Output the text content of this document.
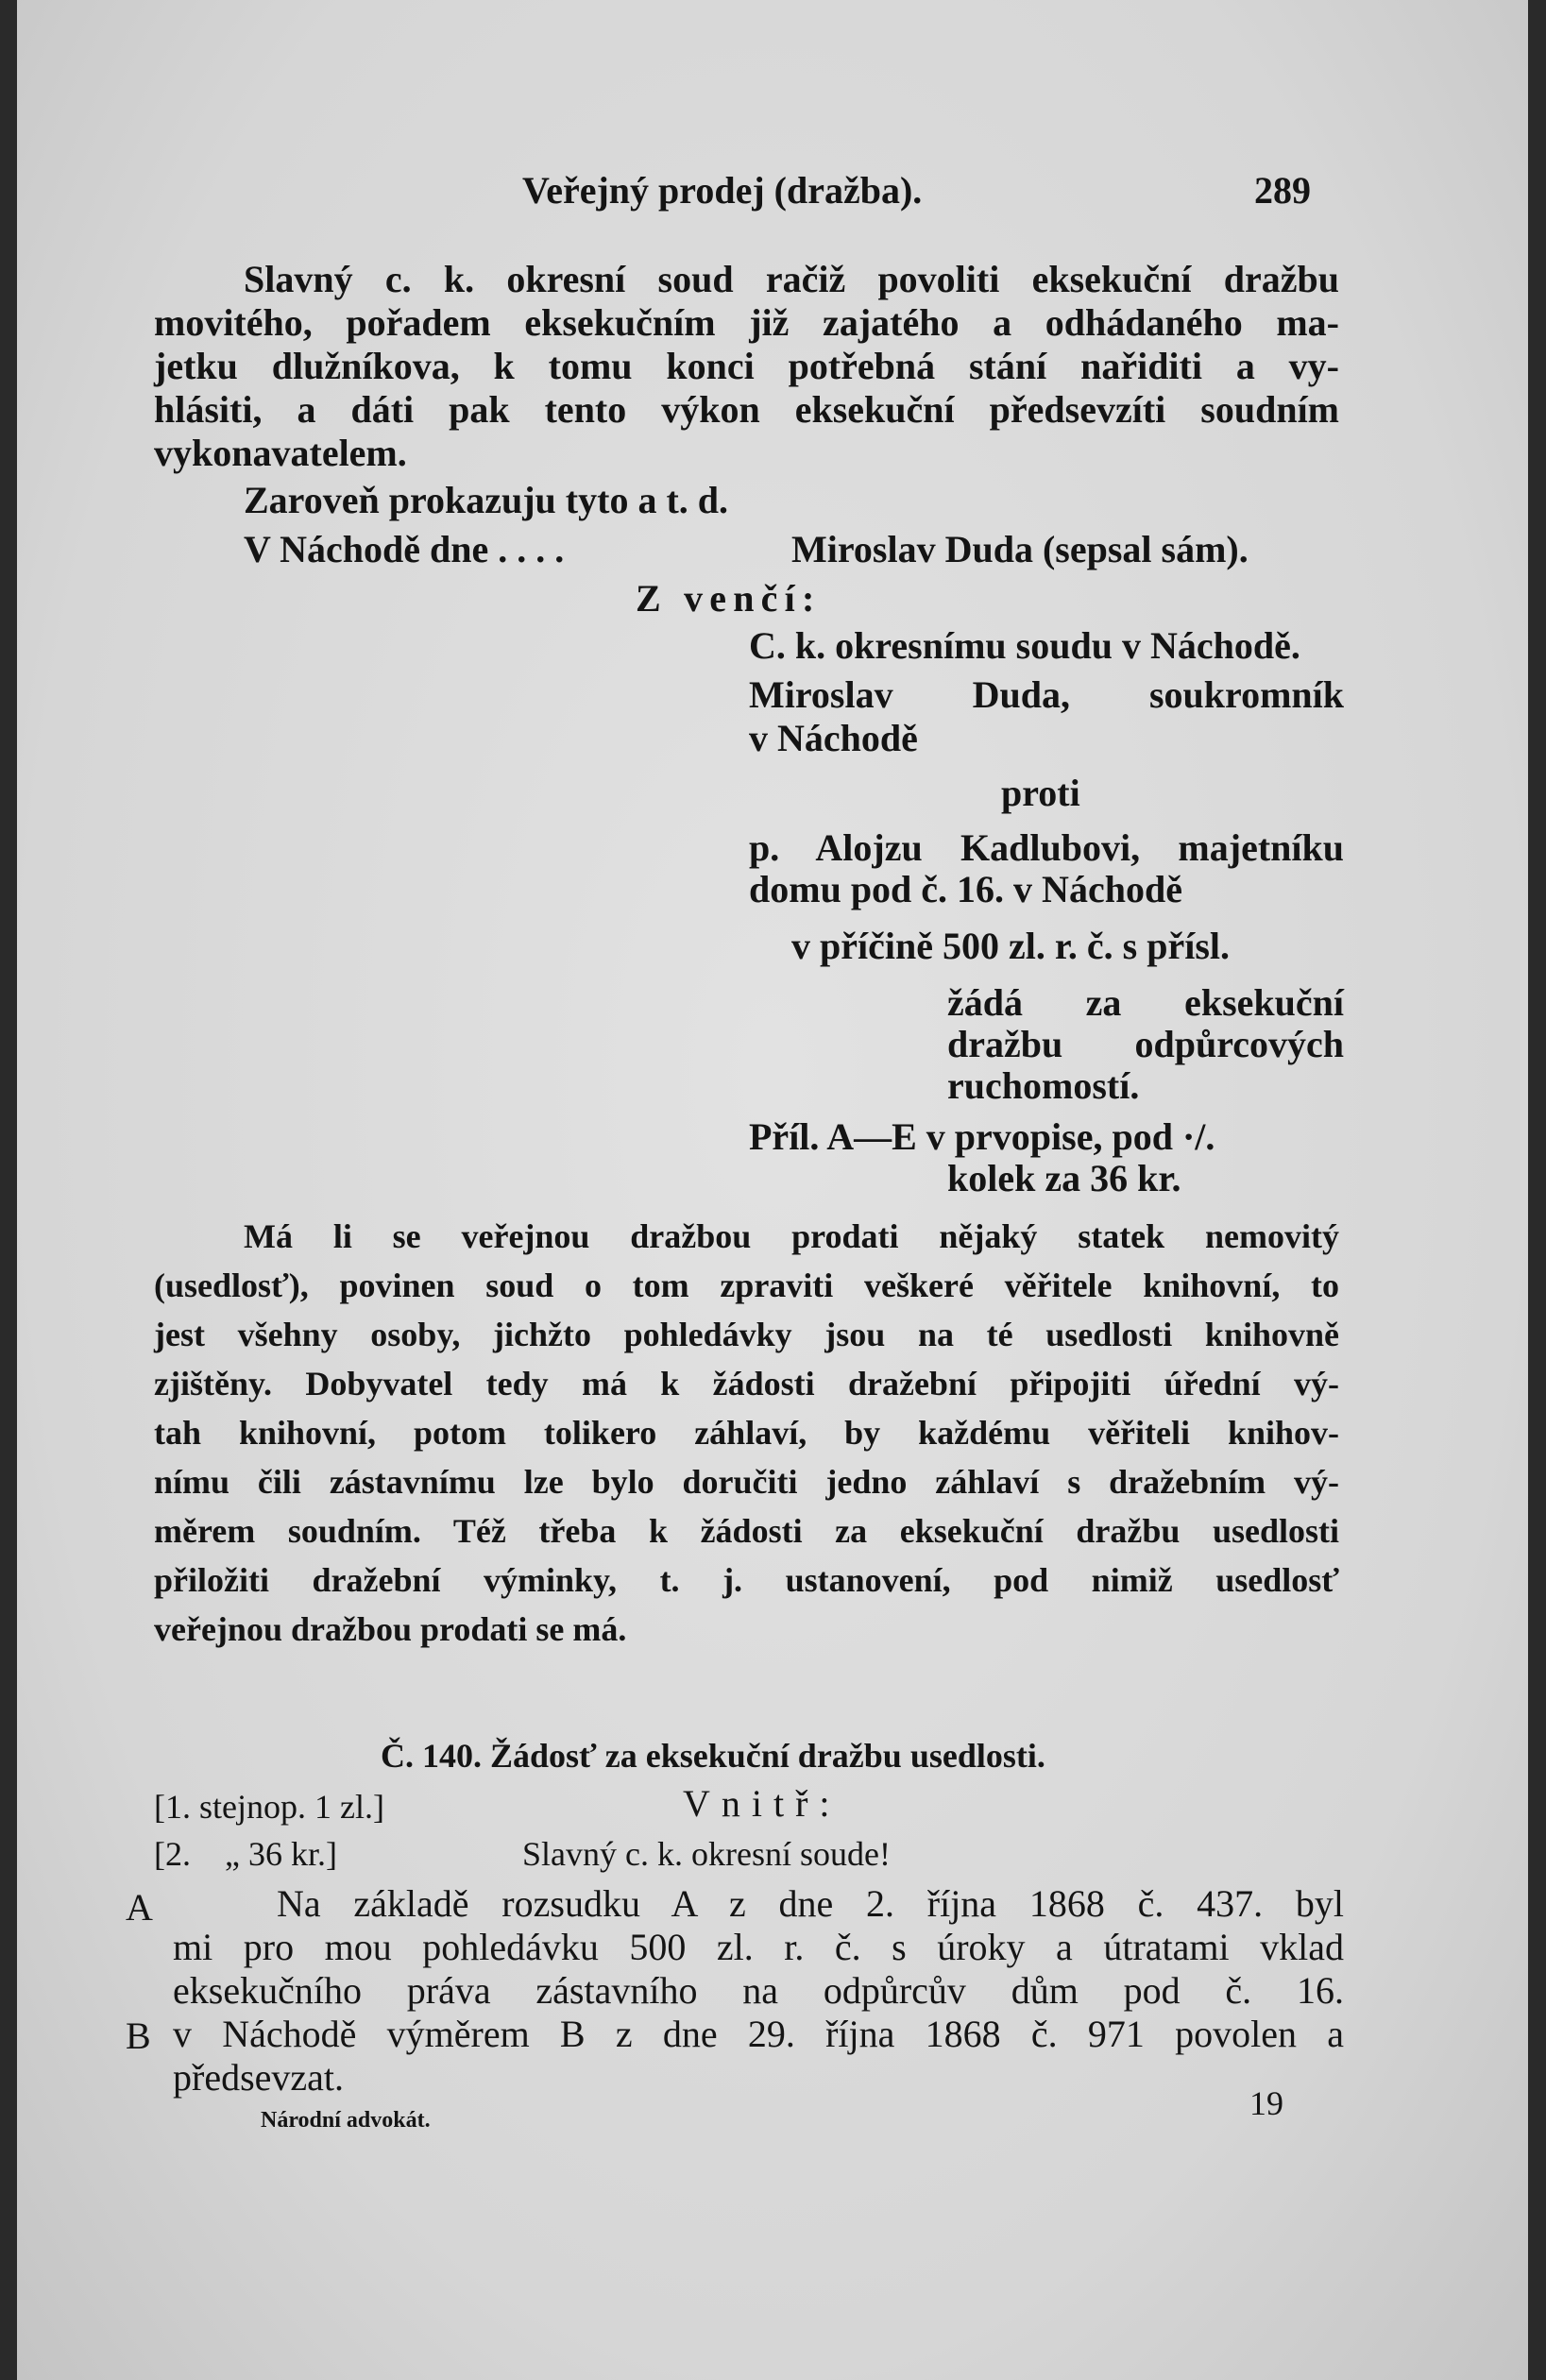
Veřejný prodej (dražba).	289
Slavný c. k. okresní soud račiž povoliti eksekuční dražbu
movitého, pořadem eksekučním již zajatého a odhádaného ma-
jetku dlužníkova, k tomu konci potřebná stání nařiditi a vy-
hlásiti, a dáti pak tento výkon eksekuční předsevzíti soudním
vykonavatelem.
Zaroveň prokazuju tyto a t. d.
V Náchodě dne . . . .	Miroslav Duda (sepsal sám).
Z venčí:
C. k. okresnímu soudu v Náchodě.
Miroslav Duda, soukromník
v Náchodě
proti
p. Alojzu Kadlubovi, majetníku
domu pod č. 16. v Náchodě
v příčině 500 zl. r. č. s přísl.
žádá za eksekuční
dražbu odpůrcových
ruchomostí.
Příl. A—E v prvopise, pod ·/.
kolek za 36 kr.
Má li se veřejnou dražbou prodati nějaký statek nemovitý
(usedlosť), povinen soud o tom zpraviti veškeré věřitele knihovní, to
jest všehny osoby, jichžto pohledávky jsou na té usedlosti knihovně
zjištěny. Dobyvatel tedy má k žádosti dražební připojiti úřední vý-
tah knihovní, potom tolikero záhlaví, by každému věřiteli knihov-
nímu čili zástavnímu lze bylo doručiti jedno záhlaví s dražebním vý-
měrem soudním. Též třeba k žádosti za eksekuční dražbu usedlosti
přiložiti dražební výminky, t. j. ustanovení, pod nimiž usedlosť
veřejnou dražbou prodati se má.
Č. 140. Žádosť za eksekuční dražbu usedlosti.
[1. stejnop. 1 zl.]	Vnitř:
[2.    „ 36 kr.]	Slavný c. k. okresní soude!
A	Na základě rozsudku A z dne 2. října 1868 č. 437. byl
mi pro mou pohledávku 500 zl. r. č. s úroky a útratami vklad
eksekučního práva zástavního na odpůrcův dům pod č. 16.
B v Náchodě výměrem B z dne 29. října 1868 č. 971 povolen a
předsevzat.
Národní advokát.	19
